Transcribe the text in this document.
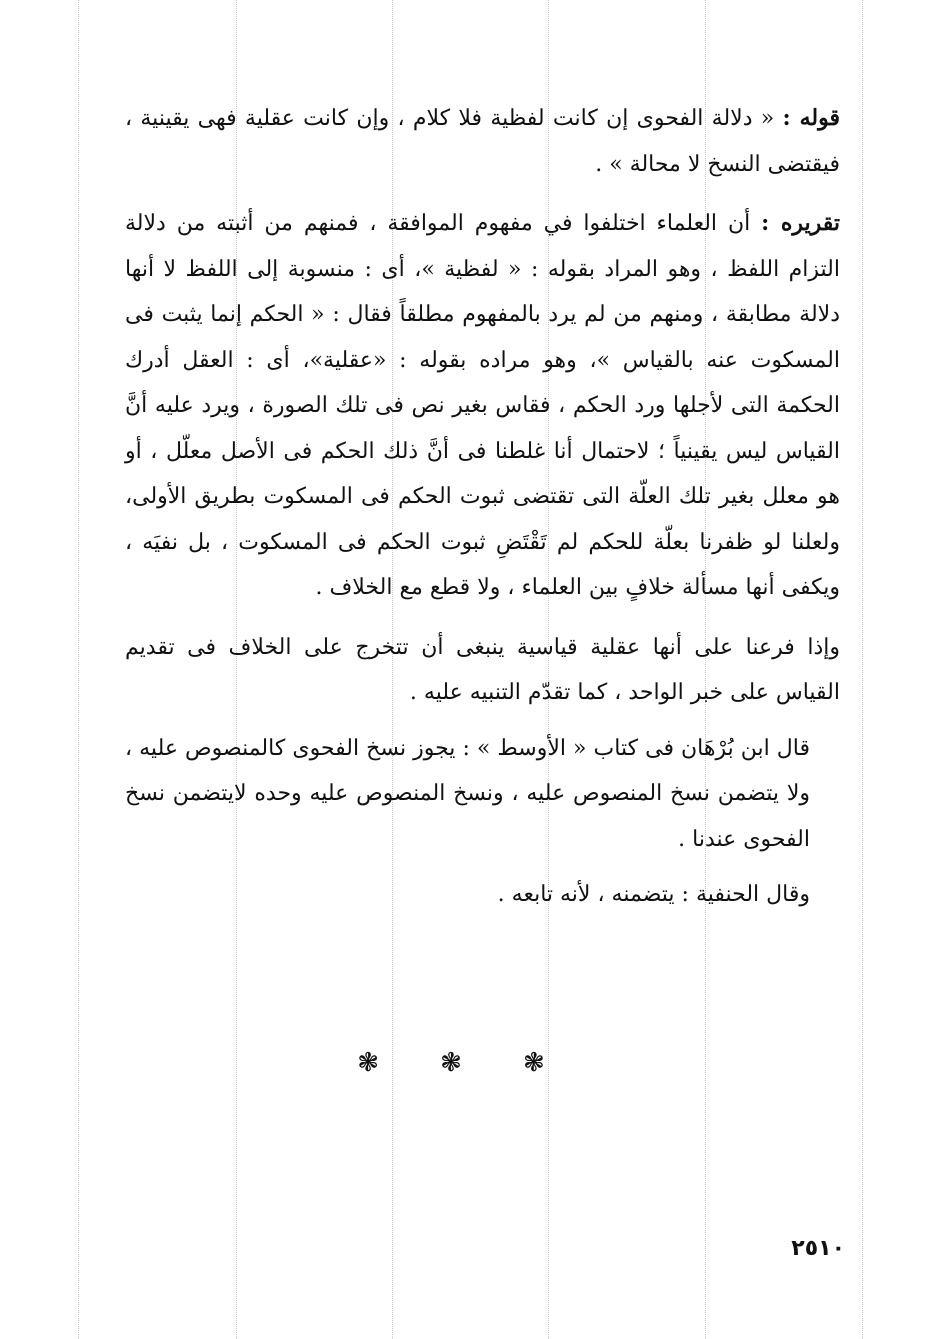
قوله : « دلالة الفحوى إن كانت لفظية فلا كلام ، وإن كانت عقلية فهى يقينية ، فيقتضى النسخ لا محالة » .

تقريره : أن العلماء اختلفوا في مفهوم الموافقة ، فمنهم من أثبته من دلالة التزام اللفظ ، وهو المراد بقوله : « لفظية »، أى : منسوبة إلى اللفظ لا أنها دلالة مطابقة ، ومنهم من لم يرد بالمفهوم مطلقاً فقال : « الحكم إنما يثبت فى المسكوت عنه بالقياس »، وهو مراده بقوله : «عقلية»، أى : العقل أدرك الحكمة التى لأجلها ورد الحكم ، فقاس بغير نص فى تلك الصورة ، ويرد عليه أنَّ القياس ليس يقينياً ؛ لاحتمال أنا غلطنا فى أنَّ ذلك الحكم فى الأصل معلّل ، أو هو معلل بغير تلك العلّة التى تقتضى ثبوت الحكم فى المسكوت بطريق الأولى، ولعلنا لو ظفرنا بعلّة للحكم لم تَقْتَضِ ثبوت الحكم فى المسكوت ، بل نفيَه ، ويكفى أنها مسألة خلافٍ بين العلماء ، ولا قطع مع الخلاف .

وإذا فرعنا على أنها عقلية قياسية ينبغى أن تتخرج على الخلاف فى تقديم القياس على خبر الواحد ، كما تقدّم التنبيه عليه .

قال ابن بُرْهَان فى كتاب « الأوسط » : يجوز نسخ الفحوى كالمنصوص عليه ، ولا يتضمن نسخ المنصوص عليه ، ونسخ المنصوص عليه وحده لايتضمن نسخ الفحوى عندنا .

وقال الحنفية : يتضمنه ، لأنه تابعه .

❃ ❃ ❃
٢٥١٠
